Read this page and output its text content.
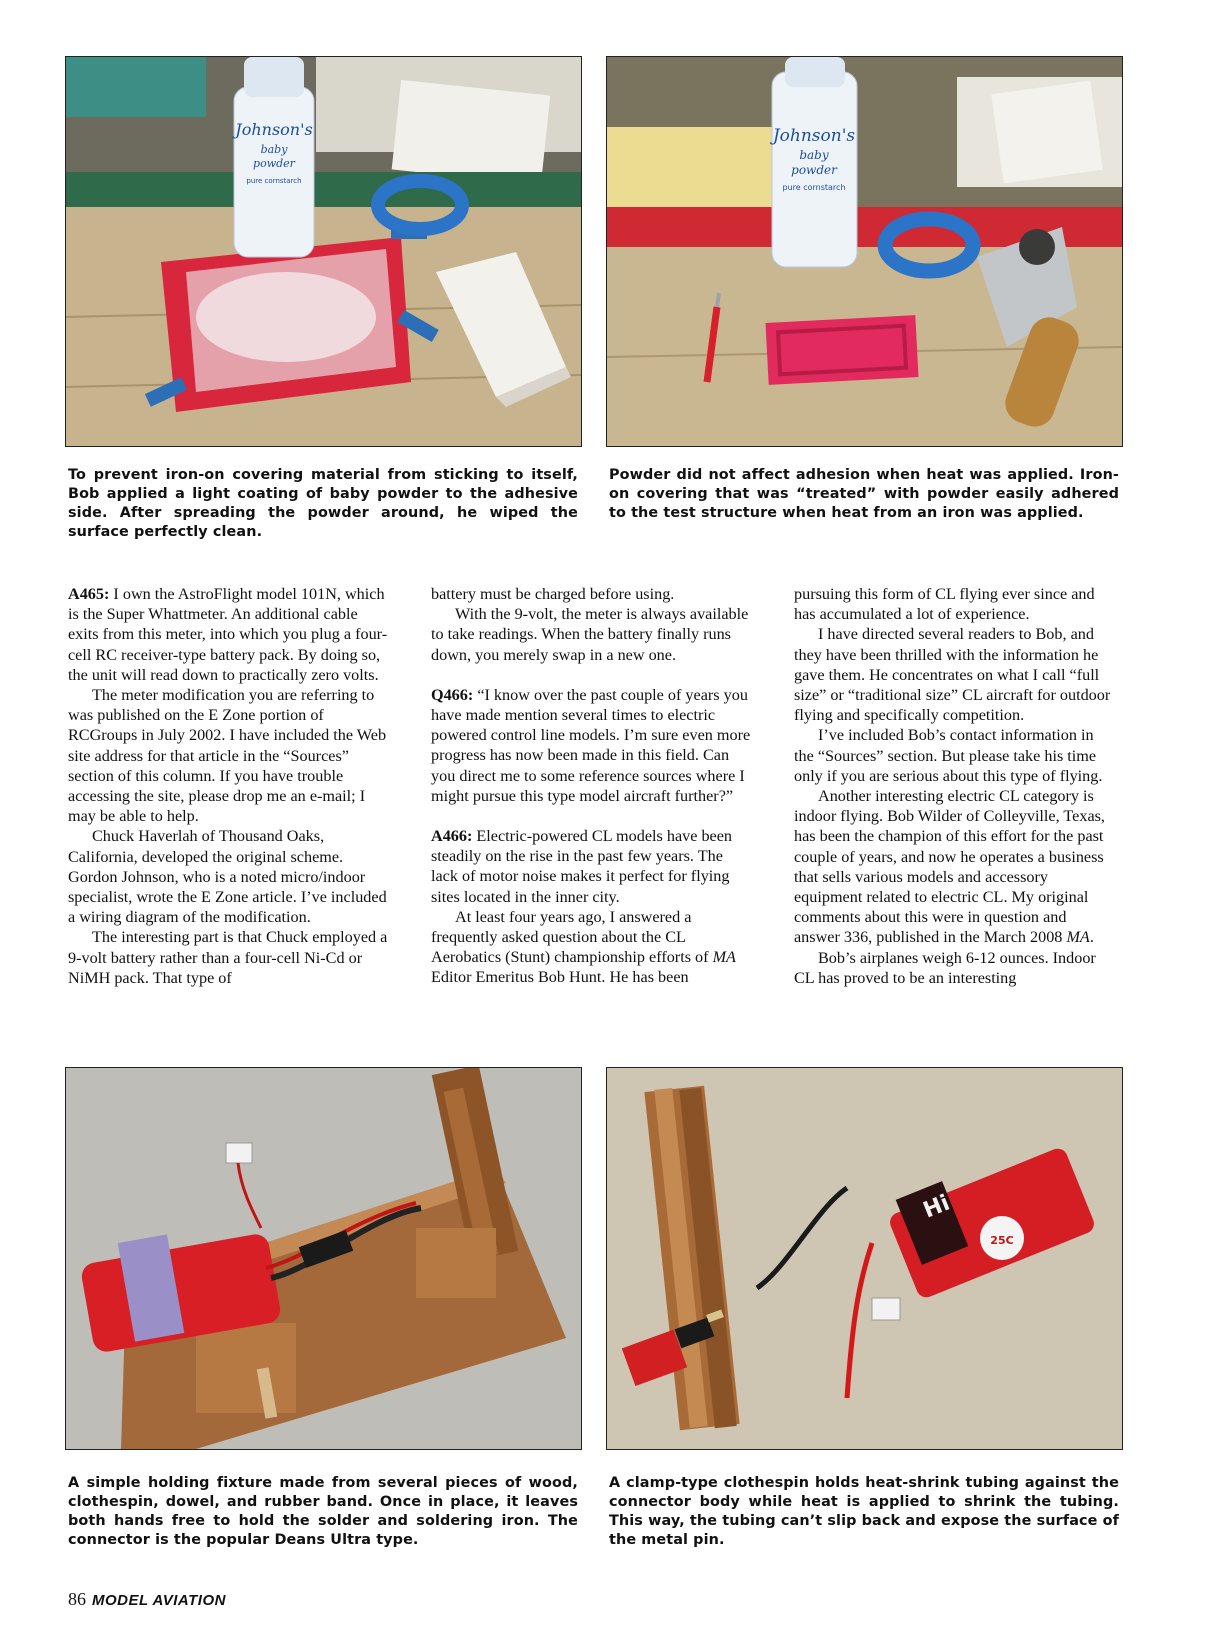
Johnson's
baby
powder
pure cornstarch
Johnson's
baby
powder
pure cornstarch
To prevent iron-on covering material from sticking to itself, Bob applied a light coating of baby powder to the adhesive side. After spreading the powder around, he wiped the surface perfectly clean.
Powder did not affect adhesion when heat was applied. Iron-on covering that was “treated” with powder easily adhered to the test structure when heat from an iron was applied.

A465: I own the AstroFlight model 101N, which is the Super Whattmeter. An additional cable exits from this meter, into which you plug a four-cell RC receiver-type battery pack. By doing so, the unit will read down to practically zero volts.

The meter modification you are referring to was published on the E Zone portion of RCGroups in July 2002. I have included the Web site address for that article in the “Sources” section of this column. If you have trouble accessing the site, please drop me an e-mail; I may be able to help.

Chuck Haverlah of Thousand Oaks, California, developed the original scheme. Gordon Johnson, who is a noted micro/indoor specialist, wrote the E Zone article. I’ve included a wiring diagram of the modification.

The interesting part is that Chuck employed a 9-volt battery rather than a four-cell Ni-Cd or NiMH pack. That type of

battery must be charged before using.

With the 9-volt, the meter is always available to take readings. When the battery finally runs down, you merely swap in a new one.

Q466: “I know over the past couple of years you have made mention several times to electric powered control line models. I’m sure even more progress has now been made in this field. Can you direct me to some reference sources where I might pursue this type model aircraft further?”

A466: Electric-powered CL models have been steadily on the rise in the past few years. The lack of motor noise makes it perfect for flying sites located in the inner city.

At least four years ago, I answered a frequently asked question about the CL Aerobatics (Stunt) championship efforts of MA Editor Emeritus Bob Hunt. He has been

pursuing this form of CL flying ever since and has accumulated a lot of experience.

I have directed several readers to Bob, and they have been thrilled with the information he gave them. He concentrates on what I call “full size” or “traditional size” CL aircraft for outdoor flying and specifically competition.

I’ve included Bob’s contact information in the “Sources” section. But please take his time only if you are serious about this type of flying.

Another interesting electric CL category is indoor flying. Bob Wilder of Colleyville, Texas, has been the champion of this effort for the past couple of years, and now he operates a business that sells various models and accessory equipment related to electric CL. My original comments about this were in question and answer 336, published in the March 2008 MA.

Bob’s airplanes weigh 6-12 ounces. Indoor CL has proved to be an interesting

Hi
25C
A simple holding fixture made from several pieces of wood, clothespin, dowel, and rubber band. Once in place, it leaves both hands free to hold the solder and soldering iron. The connector is the popular Deans Ultra type.
A clamp-type clothespin holds heat-shrink tubing against the connector body while heat is applied to shrink the tubing. This way, the tubing can’t slip back and expose the surface of the metal pin.
86 MODEL AVIATION
